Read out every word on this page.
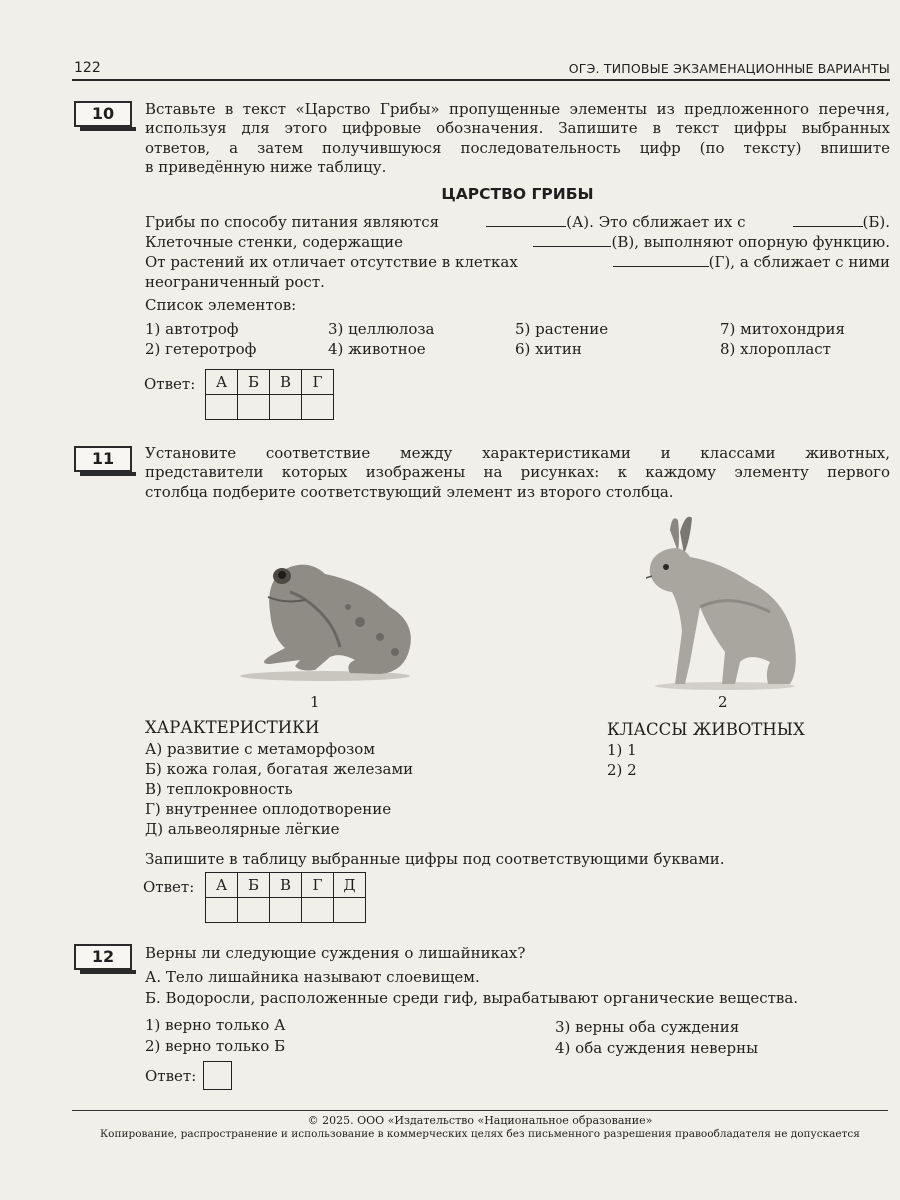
122	ОГЭ. ТИПОВЫЕ ЭКЗАМЕНАЦИОННЫЕ ВАРИАНТЫ
10	Вставьте в текст «Царство Грибы» пропущенные элементы из предложенного перечня,
используя для этого цифровые обозначения. Запишите в текст цифры выбранных
ответов, а затем получившуюся последовательность цифр (по тексту) впишите
в приведённую ниже таблицу.
ЦАРСТВО ГРИБЫ
Грибы по способу питания являются	(А). Это сближает их с	(Б).
Клеточные стенки, содержащие	(В), выполняют опорную функцию.
От растений их отличает отсутствие в клетках	(Г), а сближает с ними
неограниченный рост.
Список элементов:
1) автотроф
2) гетеротроф
3) целлюлоза
4) животное
5) растение
6) хитин
7) митохондрия
8) хлоропласт
Ответ: А	Б	В	Г

11	Установите соответствие между характеристиками и классами животных,
представители которых изображены на рисунках: к каждому элементу первого
столбца подберите соответствующий элемент из второго столбца.
1	2
ХАРАКТЕРИСТИКИ
А) развитие с метаморфозом
Б) кожа голая, богатая железами
В) теплокровность
Г) внутреннее оплодотворение
Д) альвеолярные лёгкие
КЛАССЫ ЖИВОТНЫХ
1) 1
2) 2
Запишите в таблицу выбранные цифры под соответствующими буквами.
Ответ: А	Б	В	Г	Д

12	Верны ли следующие суждения о лишайниках?
А. Тело лишайника называют слоевищем.
Б. Водоросли, расположенные среди гиф, вырабатывают органические вещества.
1) верно только А
2) верно только Б
3) верны оба суждения
4) оба суждения неверны
Ответ:
© 2025. ООО «Издательство «Национальное образование»
Копирование, распространение и использование в коммерческих целях без письменного разрешения правообладателя не допускается
